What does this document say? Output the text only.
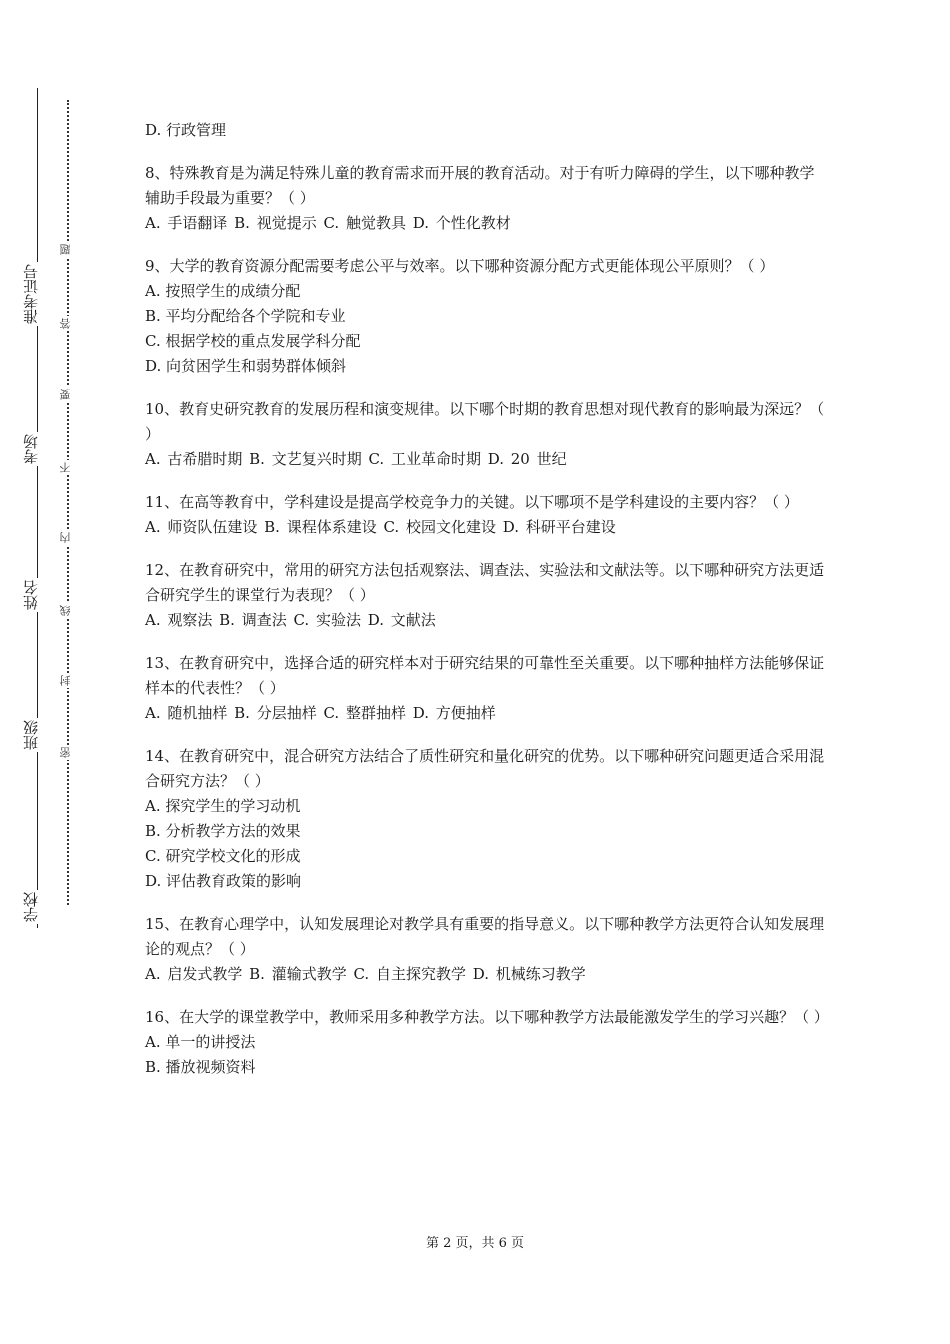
准考证号
考场
姓名
班级
学校
题
答
要
不
内
线
封
密

D. 行政管理

8、特殊教育是为满足特殊儿童的教育需求而开展的教育活动。对于有听力障碍的学生，以下哪种教学辅助手段最为重要？（ ）

A. 手语翻译 B. 视觉提示 C. 触觉教具 D. 个性化教材

9、大学的教育资源分配需要考虑公平与效率。以下哪种资源分配方式更能体现公平原则？（ ）

A. 按照学生的成绩分配

B. 平均分配给各个学院和专业

C. 根据学校的重点发展学科分配

D. 向贫困学生和弱势群体倾斜

10、教育史研究教育的发展历程和演变规律。以下哪个时期的教育思想对现代教育的影响最为深远？（ ）

A. 古希腊时期 B. 文艺复兴时期 C. 工业革命时期 D. 20 世纪

11、在高等教育中，学科建设是提高学校竞争力的关键。以下哪项不是学科建设的主要内容？（ ）

A. 师资队伍建设 B. 课程体系建设 C. 校园文化建设 D. 科研平台建设

12、在教育研究中，常用的研究方法包括观察法、调查法、实验法和文献法等。以下哪种研究方法更适合研究学生的课堂行为表现？（ ）

A. 观察法 B. 调查法 C. 实验法 D. 文献法

13、在教育研究中，选择合适的研究样本对于研究结果的可靠性至关重要。以下哪种抽样方法能够保证样本的代表性？（ ）

A. 随机抽样 B. 分层抽样 C. 整群抽样 D. 方便抽样

14、在教育研究中，混合研究方法结合了质性研究和量化研究的优势。以下哪种研究问题更适合采用混合研究方法？（ ）

A. 探究学生的学习动机

B. 分析教学方法的效果

C. 研究学校文化的形成

D. 评估教育政策的影响

15、在教育心理学中，认知发展理论对教学具有重要的指导意义。以下哪种教学方法更符合认知发展理论的观点？（ ）

A. 启发式教学 B. 灌输式教学 C. 自主探究教学 D. 机械练习教学

16、在大学的课堂教学中，教师采用多种教学方法。以下哪种教学方法最能激发学生的学习兴趣？（ ）

A. 单一的讲授法

B. 播放视频资料

第 2 页，共 6 页
